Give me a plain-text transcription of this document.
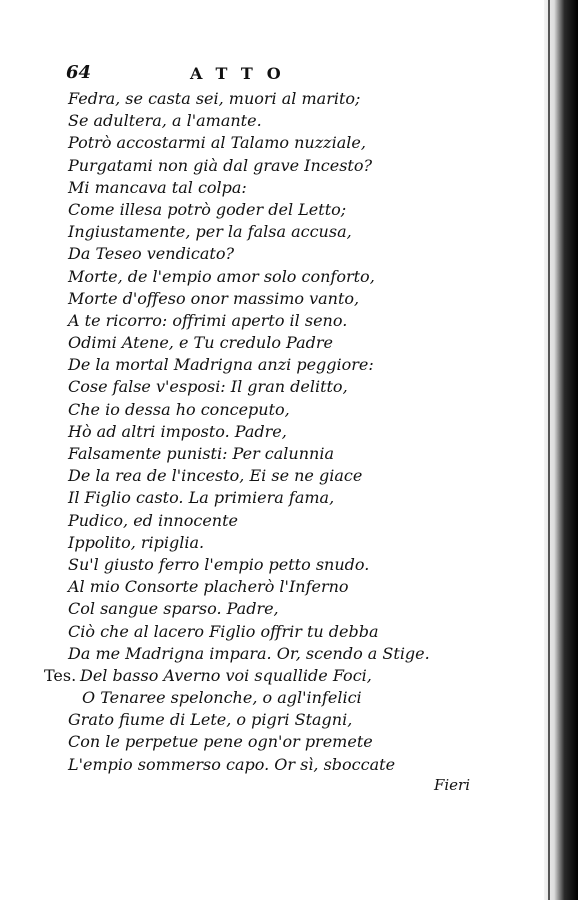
64	ATTO
Fedra, se casta sei, muori al marito;
Se adultera, a l'amante.
Potrò accostarmi al Talamo nuzziale,
Purgatami non già dal grave Incesto?
Mi mancava tal colpa:
Come illesa potrò goder del Letto;
Ingiustamente, per la falsa accusa,
Da Teseo vendicato?
Morte, de l'empio amor solo conforto,
Morte d'offeso onor massimo vanto,
A te ricorro: offrimi aperto il seno.
Odimi Atene, e Tu credulo Padre
De la mortal Madrigna anzi peggiore:
Cose false v'esposi: Il gran delitto,
Che io dessa ho conceputo,
Hò ad altri imposto. Padre,
Falsamente punisti: Per calunnia
De la rea de l'incesto, Ei se ne giace
Il Figlio casto. La primiera fama,
Pudico, ed innocente
Ippolito, ripiglia.
Su'l giusto ferro l'empio petto snudo.
Al mio Consorte placherò l'Inferno
Col sangue sparso. Padre,
Ciò che al lacero Figlio offrir tu debba
Da me Madrigna impara. Or, scendo a Stige.
Tes. Del basso Averno voi squallide Foci,
O Tenaree spelonche, o agl'infelici
Grato fiume di Lete, o pigri Stagni,
Con le perpetue pene ogn'or premete
L'empio sommerso capo. Or sì, sboccate
Fieri
